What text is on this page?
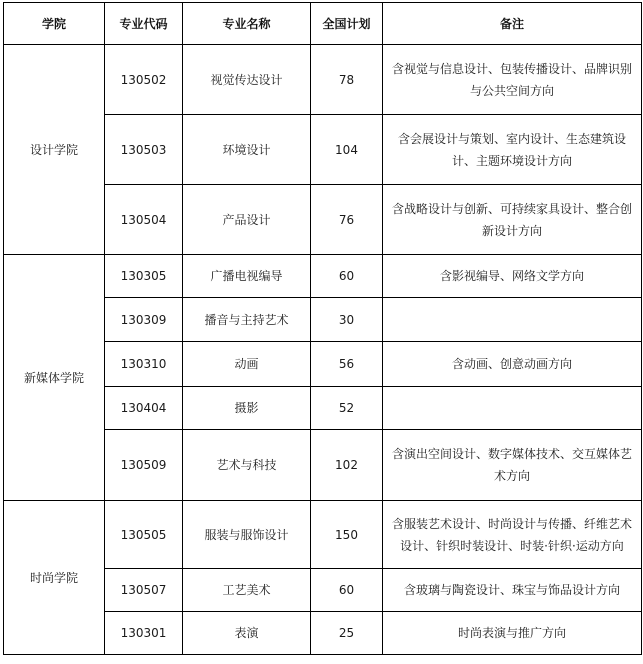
学院	专业代码	专业名称	全国计划	备注
设计学院	130502	视觉传达设计	78	含视觉与信息设计、包装传播设计、品牌识别
与公共空间方向
	130503	环境设计	104	含会展设计与策划、室内设计、生态建筑设
计、主题环境设计方向
	130504	产品设计	76	含战略设计与创新、可持续家具设计、整合创
新设计方向
新媒体学院	130305	广播电视编导	60	含影视编导、网络文学方向
	130309	播音与主持艺术	30	
	130310	动画	56	含动画、创意动画方向
	130404	摄影	52	
	130509	艺术与科技	102	含演出空间设计、数字媒体技术、交互媒体艺
术方向
时尚学院	130505	服装与服饰设计	150	含服装艺术设计、时尚设计与传播、纤维艺术
设计、针织时装设计、时装·针织·运动方向
	130507	工艺美术	60	含玻璃与陶瓷设计、珠宝与饰品设计方向
	130301	表演	25	时尚表演与推广方向
